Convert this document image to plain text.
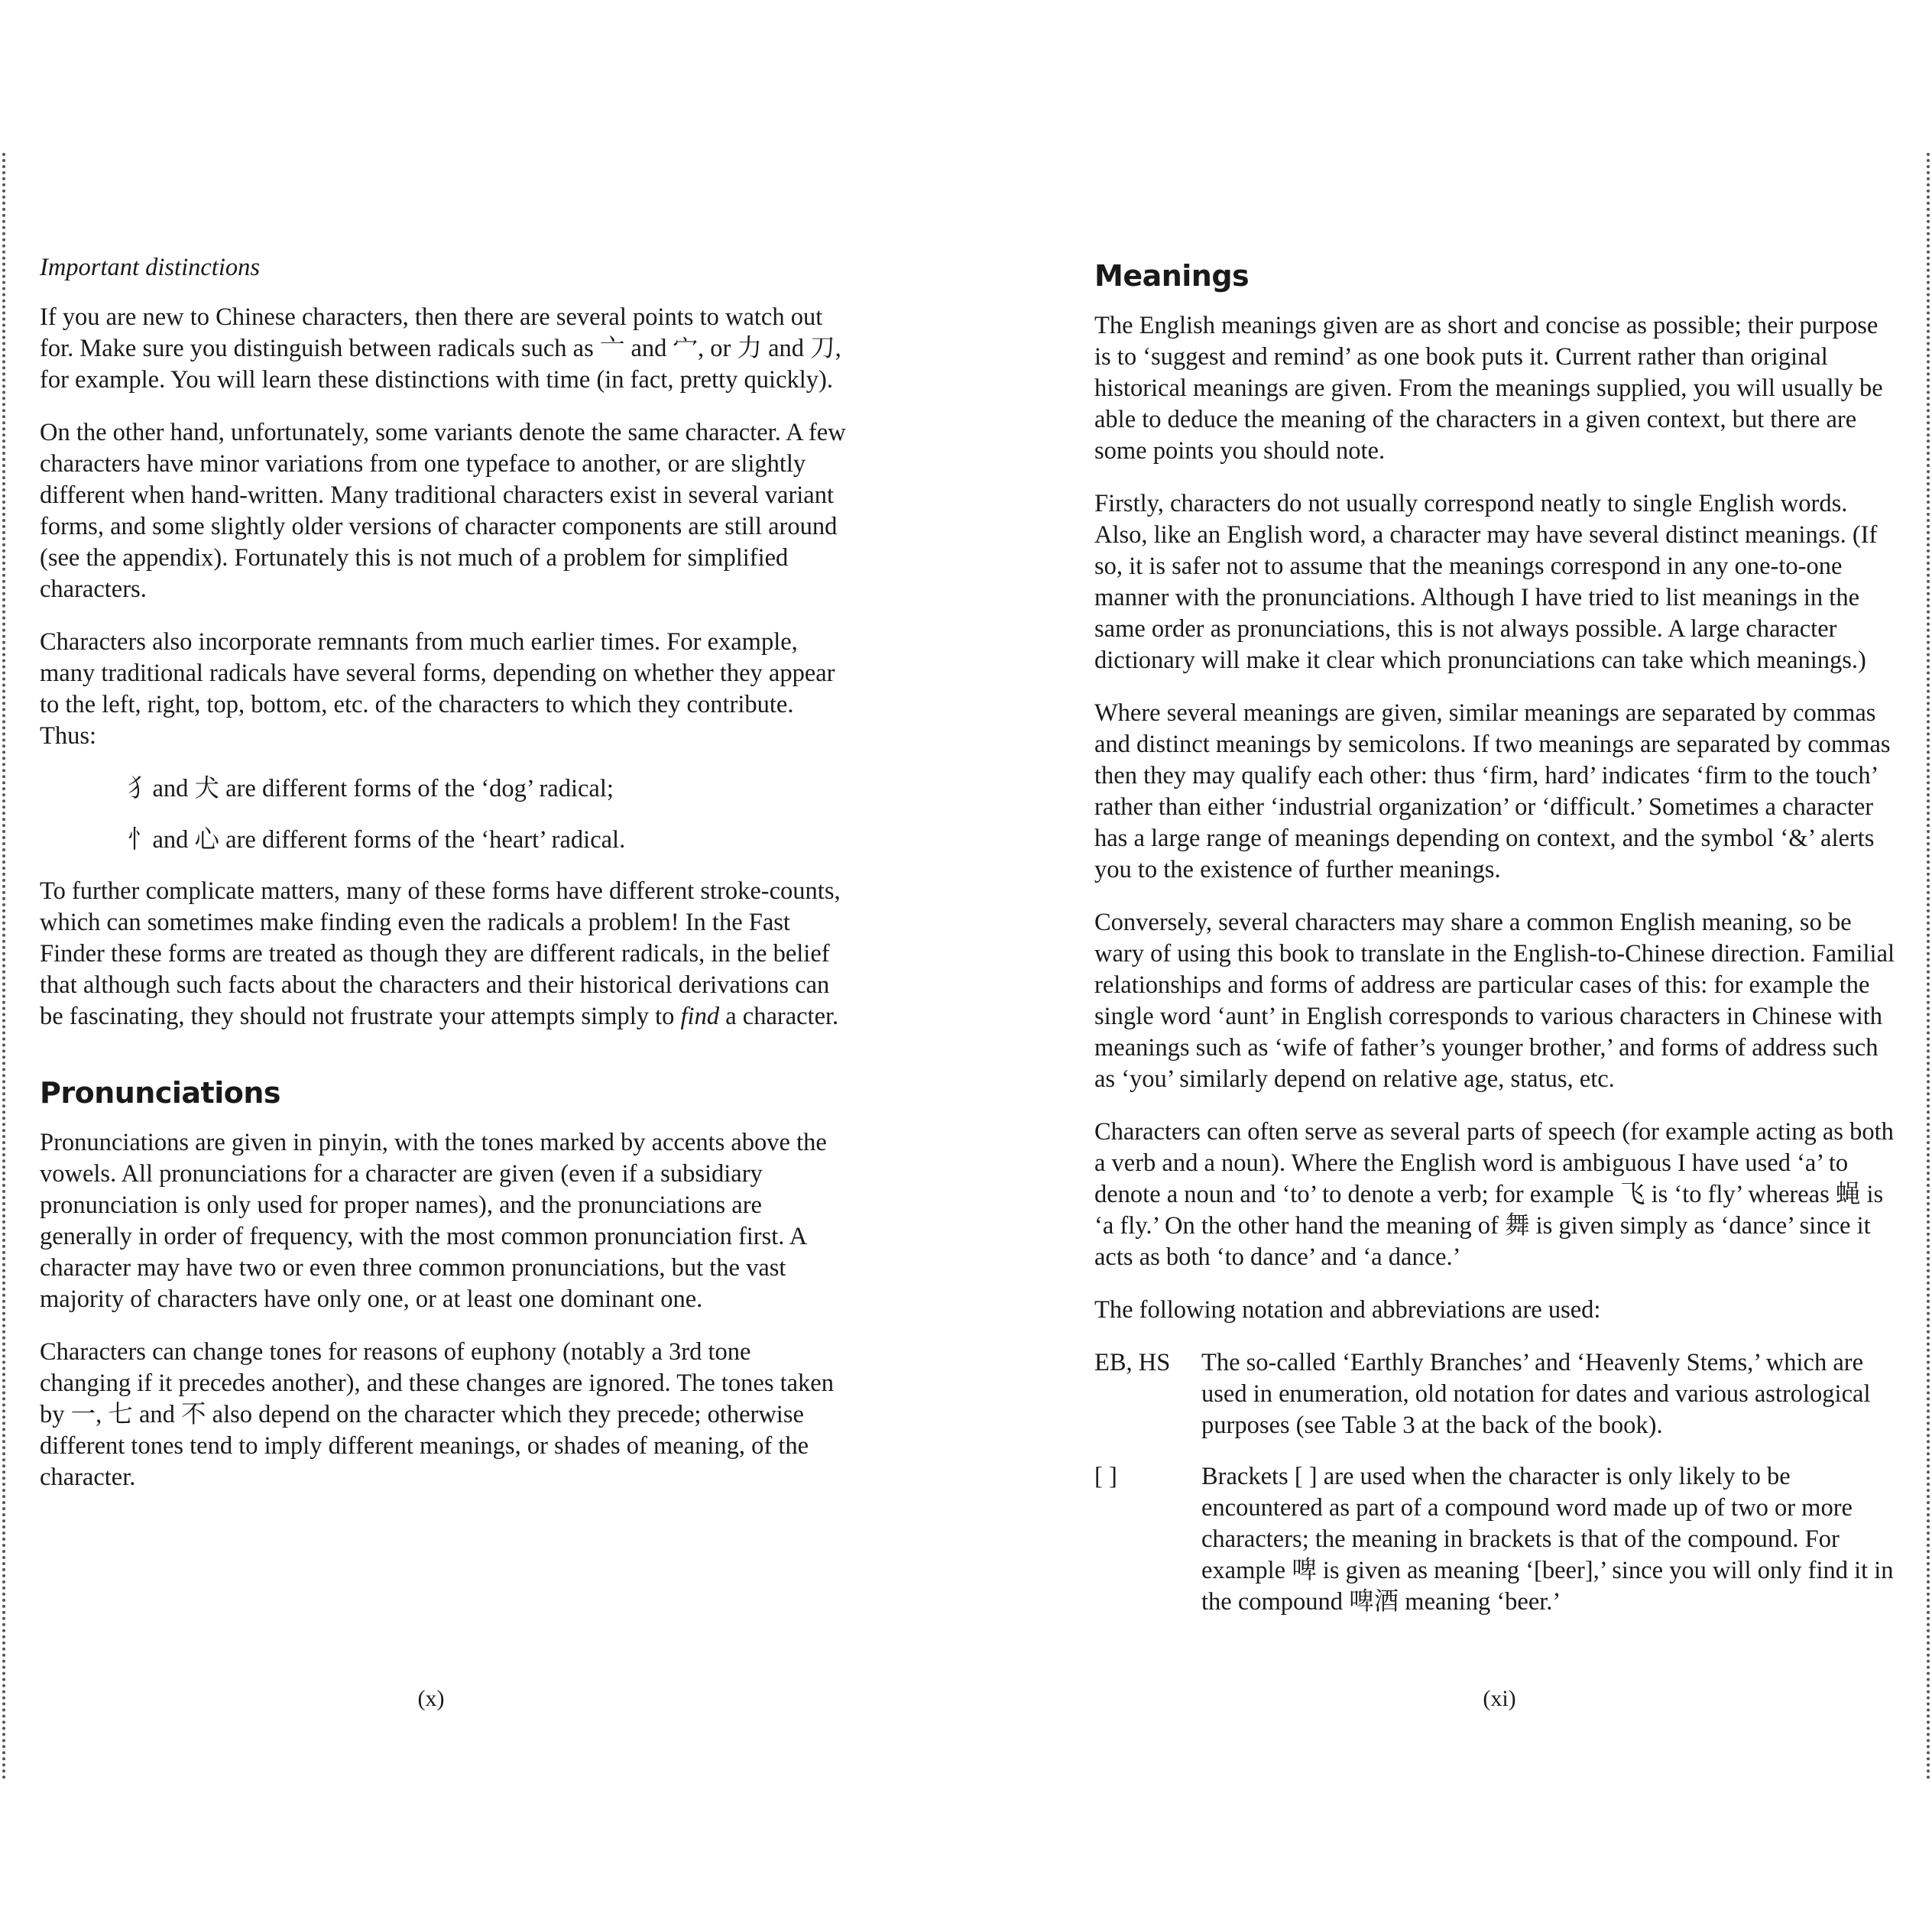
Important distinctions

If you are new to Chinese characters, then there are several points to watch out for. Make sure you distinguish between radicals such as 亠 and 宀, or 力 and 刀, for example. You will learn these distinctions with time (in fact, pretty quickly).

On the other hand, unfortunately, some variants denote the same character. A few characters have minor variations from one typeface to another, or are slightly different when hand-written. Many traditional characters exist in several variant forms, and some slightly older versions of character components are still around (see the appendix). Fortunately this is not much of a problem for simplified characters.

Characters also incorporate remnants from much earlier times. For example, many traditional radicals have several forms, depending on whether they appear to the left, right, top, bottom, etc. of the characters to which they contribute. Thus:

犭and 犬 are different forms of the ‘dog’ radical;

忄and 心 are different forms of the ‘heart’ radical.

To further complicate matters, many of these forms have different stroke-counts, which can sometimes make finding even the radicals a problem! In the Fast Finder these forms are treated as though they are different radicals, in the belief that although such facts about the characters and their historical derivations can be fascinating, they should not frustrate your attempts simply to find a character.

Pronunciations

Pronunciations are given in pinyin, with the tones marked by accents above the vowels. All pronunciations for a character are given (even if a subsidiary pronunciation is only used for proper names), and the pronunciations are generally in order of frequency, with the most common pronunciation first. A character may have two or even three common pronunciations, but the vast majority of characters have only one, or at least one dominant one.

Characters can change tones for reasons of euphony (notably a 3rd tone changing if it precedes another), and these changes are ignored. The tones taken by 一, 七 and 不 also depend on the character which they precede; otherwise different tones tend to imply different meanings, or shades of meaning, of the character.

Meanings

The English meanings given are as short and concise as possible; their purpose is to ‘suggest and remind’ as one book puts it. Current rather than original historical meanings are given. From the meanings supplied, you will usually be able to deduce the meaning of the characters in a given context, but there are some points you should note.

Firstly, characters do not usually correspond neatly to single English words. Also, like an English word, a character may have several distinct meanings. (If so, it is safer not to assume that the meanings correspond in any one-to-one manner with the pronunciations. Although I have tried to list meanings in the same order as pronunciations, this is not always possible. A large character dictionary will make it clear which pronunciations can take which meanings.)

Where several meanings are given, similar meanings are separated by commas and distinct meanings by semicolons. If two meanings are separated by commas then they may qualify each other: thus ‘firm, hard’ indicates ‘firm to the touch’ rather than either ‘industrial organization’ or ‘difficult.’ Sometimes a character has a large range of meanings depending on context, and the symbol ‘&’ alerts you to the existence of further meanings.

Conversely, several characters may share a common English meaning, so be wary of using this book to translate in the English-to-Chinese direction. Familial relationships and forms of address are particular cases of this: for example the single word ‘aunt’ in English corresponds to various characters in Chinese with meanings such as ‘wife of father’s younger brother,’ and forms of address such as ‘you’ similarly depend on relative age, status, etc.

Characters can often serve as several parts of speech (for example acting as both a verb and a noun). Where the English word is ambiguous I have used ‘a’ to denote a noun and ‘to’ to denote a verb; for example 飞 is ‘to fly’ whereas 蝇 is ‘a fly.’ On the other hand the meaning of 舞 is given simply as ‘dance’ since it acts as both ‘to dance’ and ‘a dance.’

The following notation and abbreviations are used:

EB, HS	The so-called ‘Earthly Branches’ and ‘Heavenly Stems,’ which are used in enumeration, old notation for dates and various astrological purposes (see Table 3 at the back of the book).
[ ]	Brackets [ ] are used when the character is only likely to be encountered as part of a compound word made up of two or more characters; the meaning in brackets is that of the compound. For example 啤 is given as meaning ‘[beer],’ since you will only find it in the compound 啤酒 meaning ‘beer.’
(x)	(xi)
